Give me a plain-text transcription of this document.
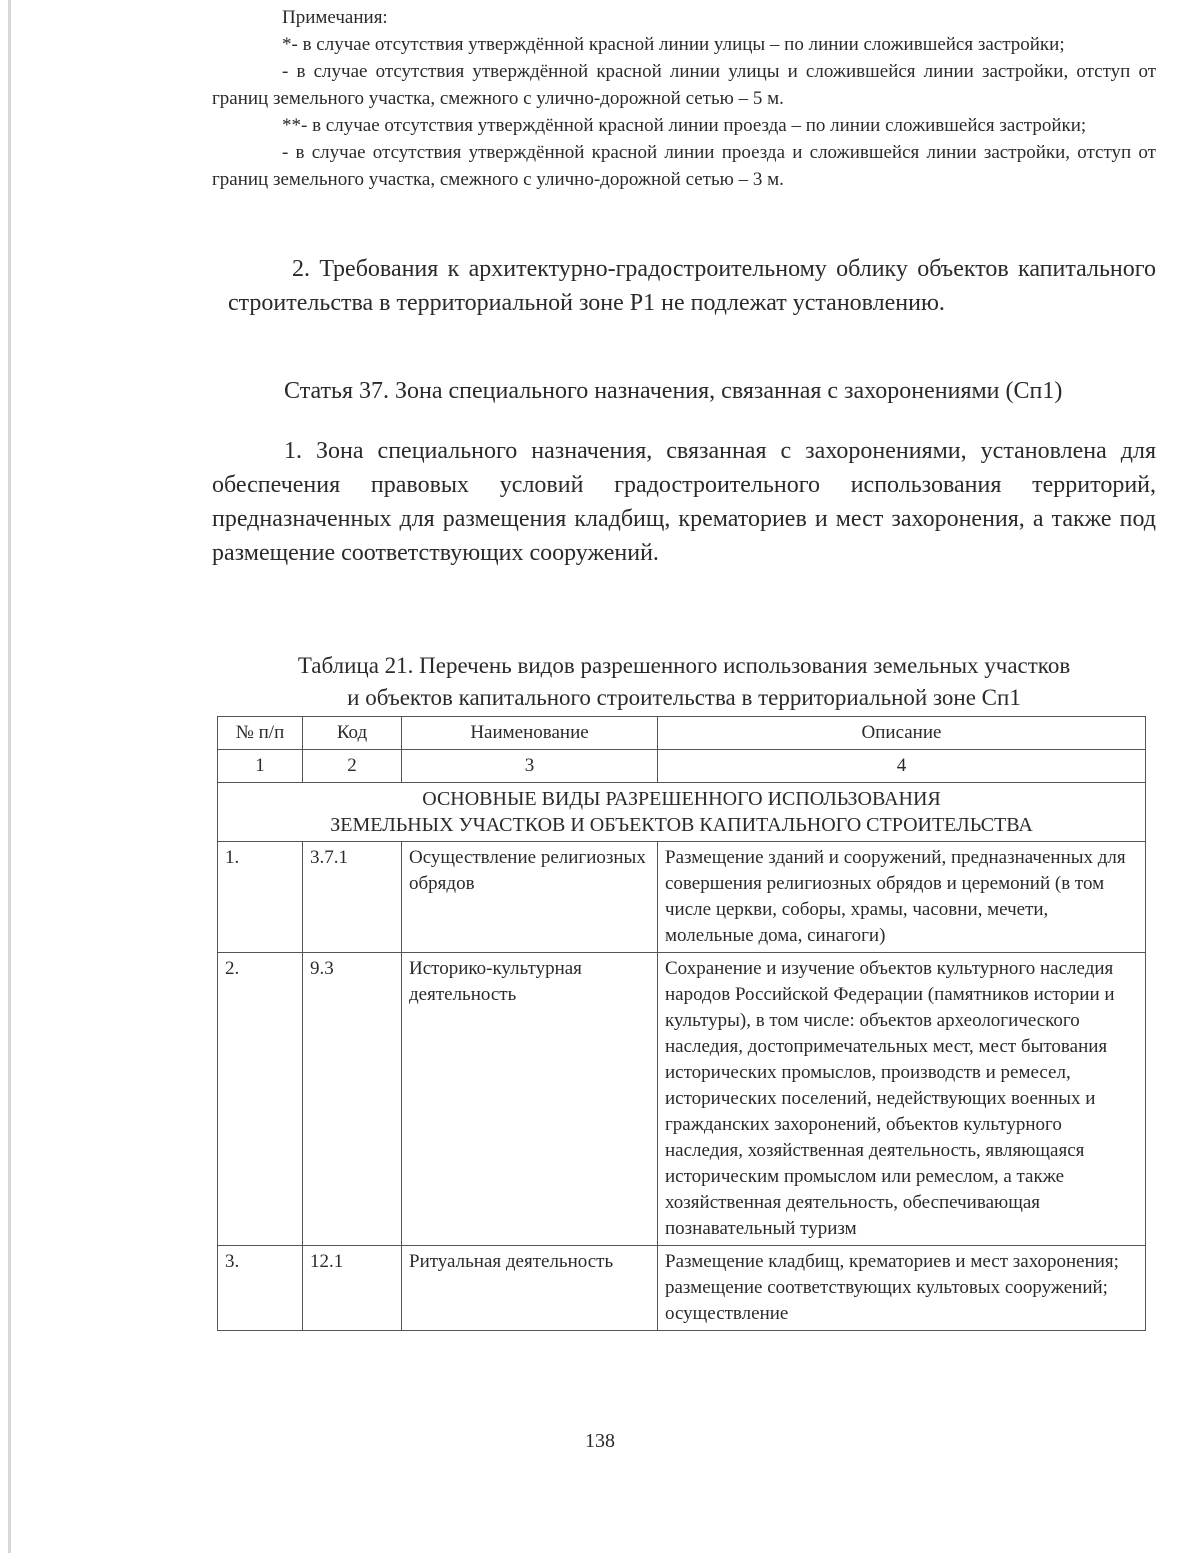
Примечания:

*- в случае отсутствия утверждённой красной линии улицы – по линии сложившейся застройки;

- в случае отсутствия утверждённой красной линии улицы и сложившейся линии застройки, отступ от границ земельного участка, смежного с улично-дорожной сетью – 5 м.

**- в случае отсутствия утверждённой красной линии проезда – по линии сложившейся застройки;

- в случае отсутствия утверждённой красной линии проезда и сложившейся линии застройки, отступ от границ земельного участка, смежного с улично-дорожной сетью – 3 м.

2. Требования к архитектурно-градостроительному облику объектов капитального строительства в территориальной зоне Р1 не подлежат установлению.
Статья 37. Зона специального назначения, связанная с захоронениями (Сп1)
1. Зона специального назначения, связанная с захоронениями, установлена для обеспечения правовых условий градостроительного использования территорий, предназначенных для размещения кладбищ, крематориев и мест захоронения, а также под размещение соответствующих сооружений.
Таблица 21. Перечень видов разрешенного использования земельных участков
и объектов капитального строительства в территориальной зоне Сп1
№ п/п	Код	Наименование	Описание
1	2	3	4

ОСНОВНЫЕ ВИДЫ РАЗРЕШЕННОГО ИСПОЛЬЗОВАНИЯ
ЗЕМЕЛЬНЫХ УЧАСТКОВ И ОБЪЕКТОВ КАПИТАЛЬНОГО СТРОИТЕЛЬСТВА			

1.	3.7.1	Осуществление религиозных обрядов	Размещение зданий и сооружений, предназначенных для совершения религиозных обрядов и церемоний (в том числе церкви, соборы, храмы, часовни, мечети, молельные дома, синагоги)
2.	9.3	Историко-культурная деятельность	Сохранение и изучение объектов культурного наследия народов Российской Федерации (памятников истории и культуры), в том числе: объектов археологического наследия, достопримечательных мест, мест бытования исторических промыслов, производств и ремесел, исторических поселений, недействующих военных и гражданских захоронений, объектов культурного наследия, хозяйственная деятельность, являющаяся историческим промыслом или ремеслом, а также хозяйственная деятельность, обеспечивающая познавательный туризм
3.	12.1	Ритуальная деятельность	Размещение кладбищ, крематориев и мест захоронения; размещение соответствующих культовых сооружений; осуществление
138
